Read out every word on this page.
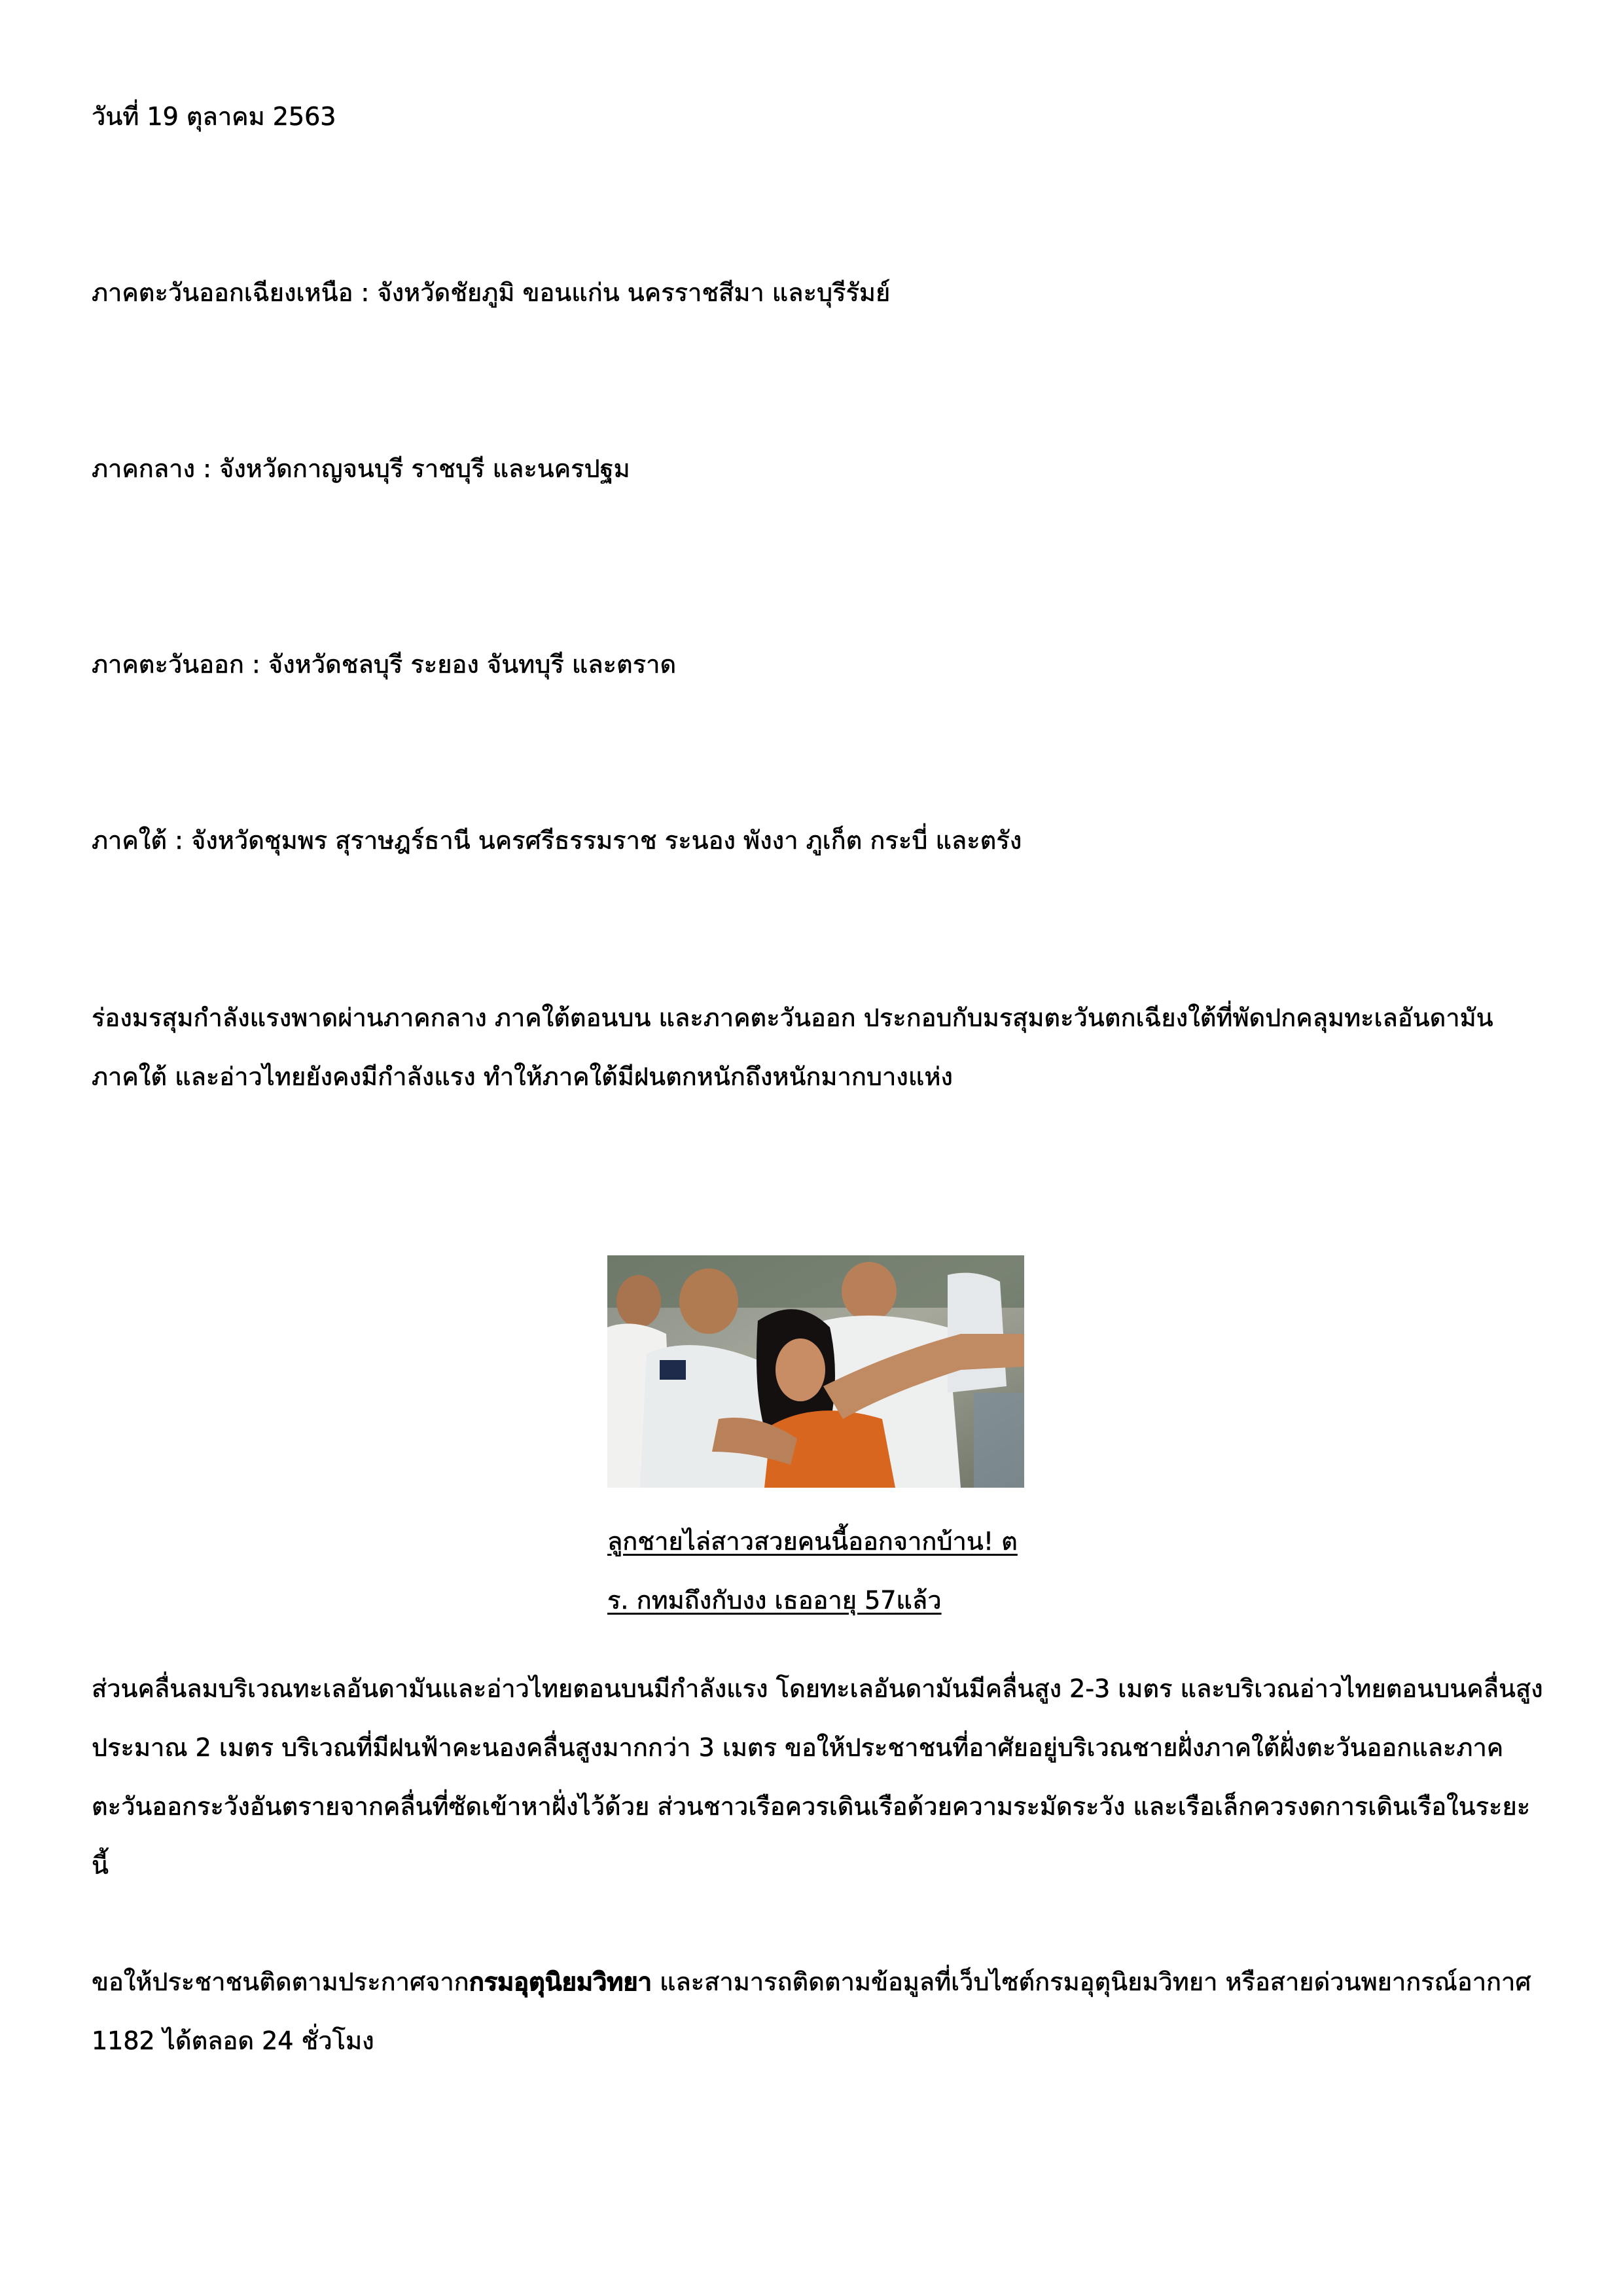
วันที่ 19 ตุลาคม 2563
ภาคตะวันออกเฉียงเหนือ : จังหวัดชัยภูมิ ขอนแก่น นครราชสีมา และบุรีรัมย์
ภาคกลาง : จังหวัดกาญจนบุรี ราชบุรี และนครปฐม
ภาคตะวันออก : จังหวัดชลบุรี ระยอง จันทบุรี และตราด
ภาคใต้ : จังหวัดชุมพร สุราษฎร์ธานี นครศรีธรรมราช ระนอง พังงา ภูเก็ต กระบี่ และตรัง
ร่องมรสุมกำลังแรงพาดผ่านภาคกลาง ภาคใต้ตอนบน และภาคตะวันออก ประกอบกับมรสุมตะวันตกเฉียงใต้ที่พัดปกคลุมทะเลอันดามัน ภาคใต้ และอ่าวไทยยังคงมีกำลังแรง ทำให้ภาคใต้มีฝนตกหนักถึงหนักมากบางแห่ง
ลูกชายไล่สาวสวยคนนี้ออกจากบ้าน! ต
ร. กทมถึงกับงง เธออายุ 57แล้ว
ส่วนคลื่นลมบริเวณทะเลอันดามันและอ่าวไทยตอนบนมีกำลังแรง โดยทะเลอันดามันมีคลื่นสูง 2-3 เมตร และบริเวณอ่าวไทยตอนบนคลื่นสูงประมาณ 2 เมตร บริเวณที่มีฝนฟ้าคะนองคลื่นสูงมากกว่า 3 เมตร ขอให้ประชาชนที่อาศัยอยู่บริเวณชายฝั่งภาคใต้ฝั่งตะวันออกและภาคตะวันออกระวังอันตรายจากคลื่นที่ซัดเข้าหาฝั่งไว้ด้วย ส่วนชาวเรือควรเดินเรือด้วยความระมัดระวัง และเรือเล็กควรงดการเดินเรือในระยะนี้
ขอให้ประชาชนติดตามประกาศจากกรมอุตุนิยมวิทยา และสามารถติดตามข้อมูลที่เว็บไซต์กรมอุตุนิยมวิทยา หรือสายด่วนพยากรณ์อากาศ 1182 ได้ตลอด 24 ชั่วโมง
